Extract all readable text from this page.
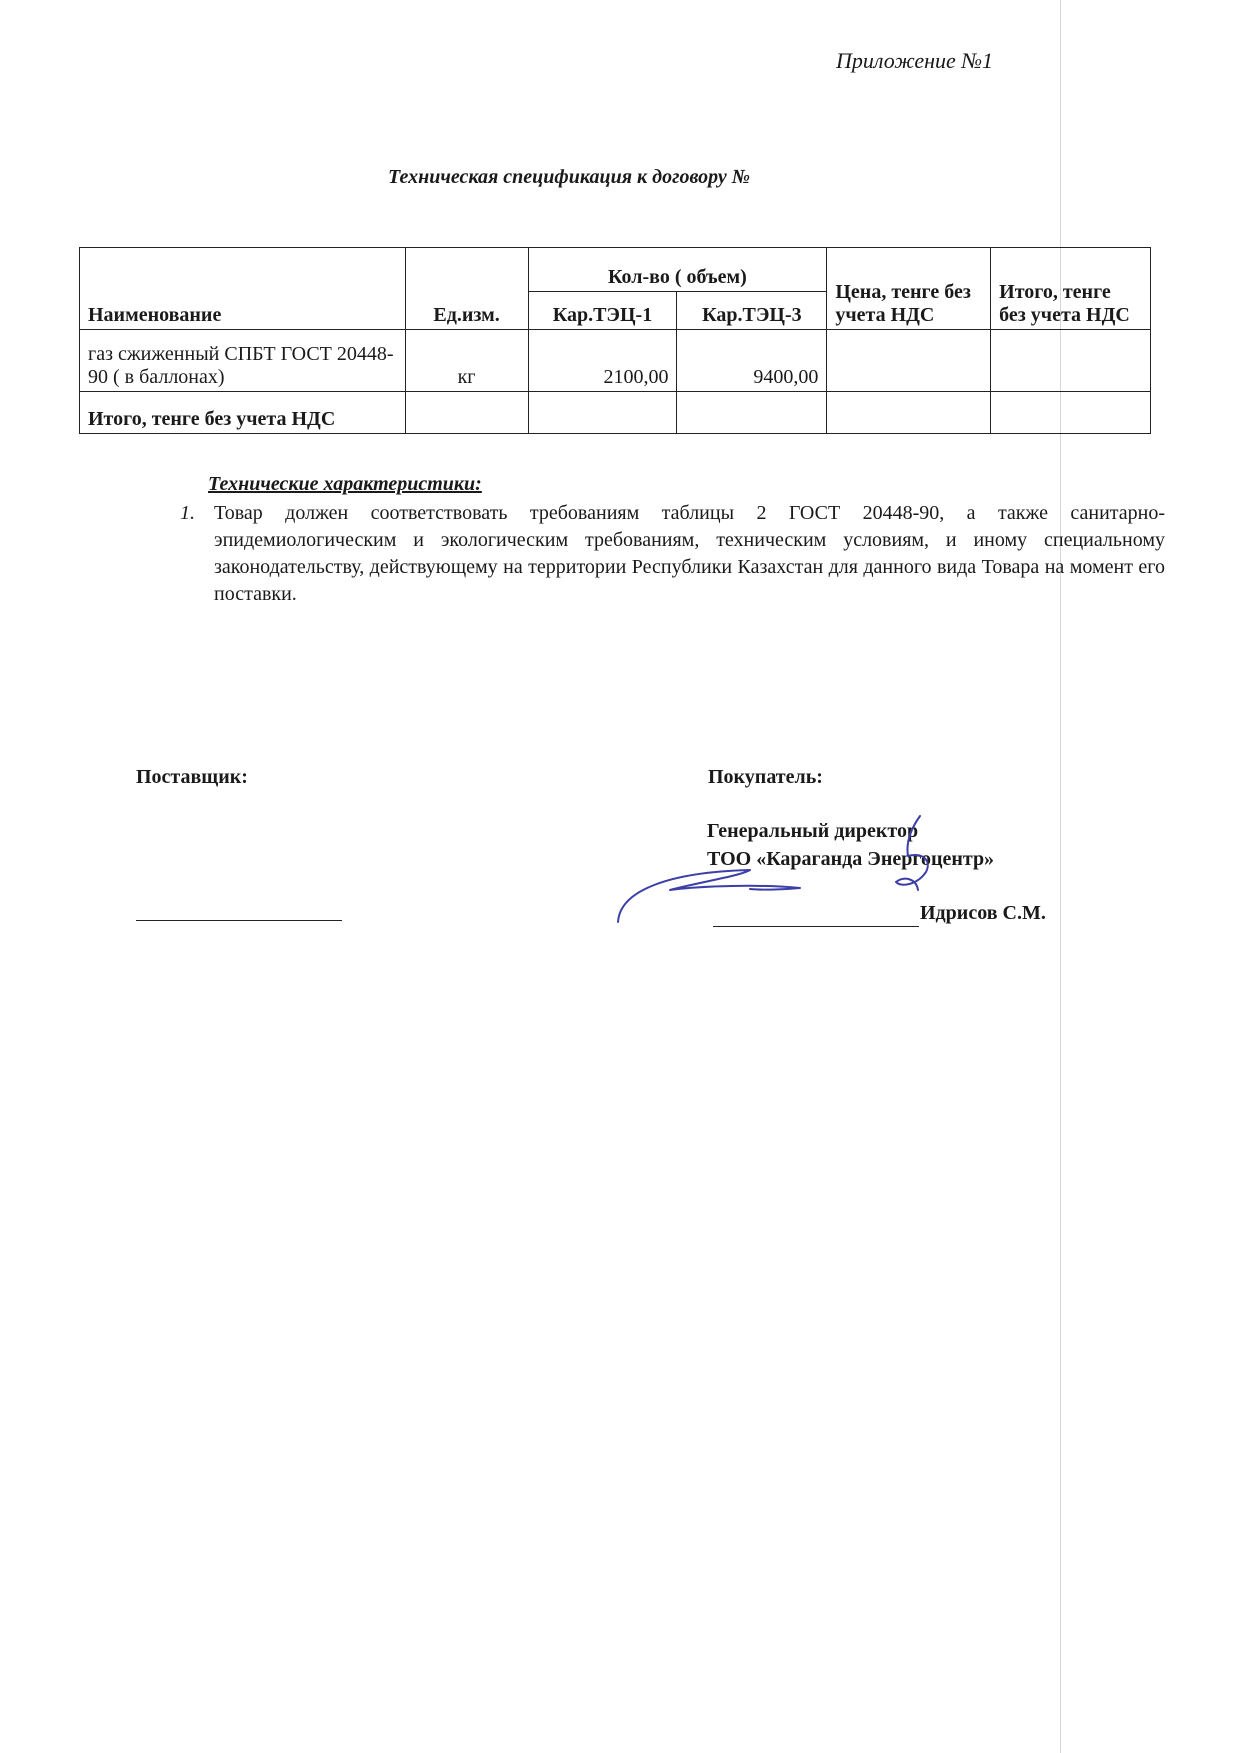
Приложение №1
Техническая спецификация к договору №
Наименование	Ед.изм.	Кол-во ( объем)		Цена, тенге без учета НДС	Итого, тенге без учета НДС
		Кар.ТЭЦ-1	Кар.ТЭЦ-3		
газ сжиженный СПБТ ГОСТ 20448-90 ( в баллонах)	кг	2100,00	9400,00		
Итого, тенге без учета НДС					
Технические характеристики:
1. Товар должен соответствовать требованиям таблицы 2 ГОСТ 20448-90, а также санитарно-эпидемиологическим и экологическим требованиям, техническим условиям, и иному специальному законодательству, действующему на территории Республики Казахстан для данного вида Товара на момент его поставки.
Поставщик:	Покупатель:
Генеральный директор
ТОО «Караганда Энергоцентр»
Идрисов С.М.
